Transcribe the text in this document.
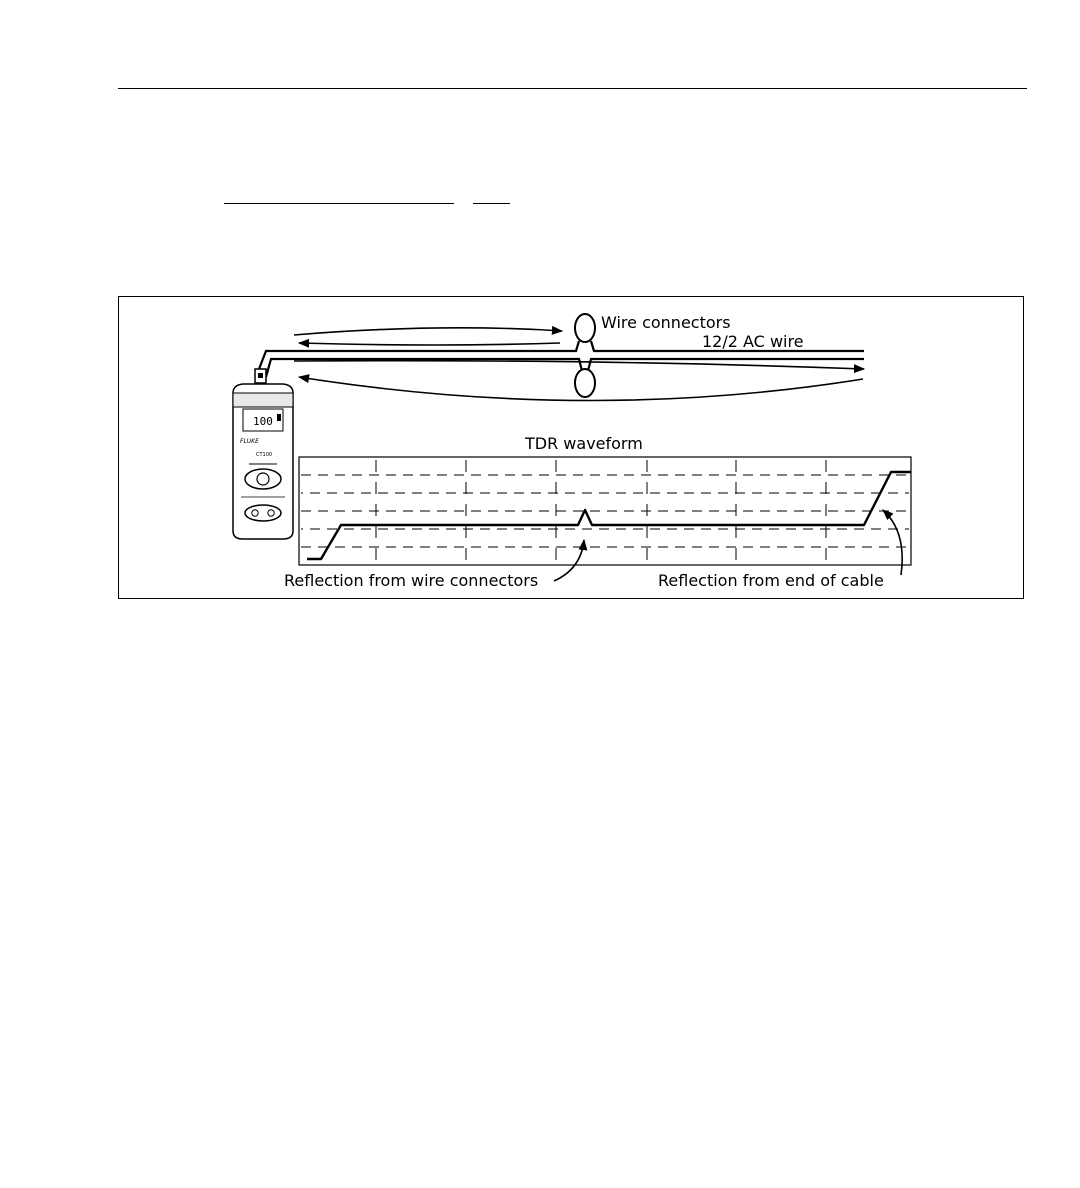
Wire connectors
12/2 AC wire
100
FLUKE
CT100
TDR waveform
Reflection from wire connectors	Reflection from end of cable
